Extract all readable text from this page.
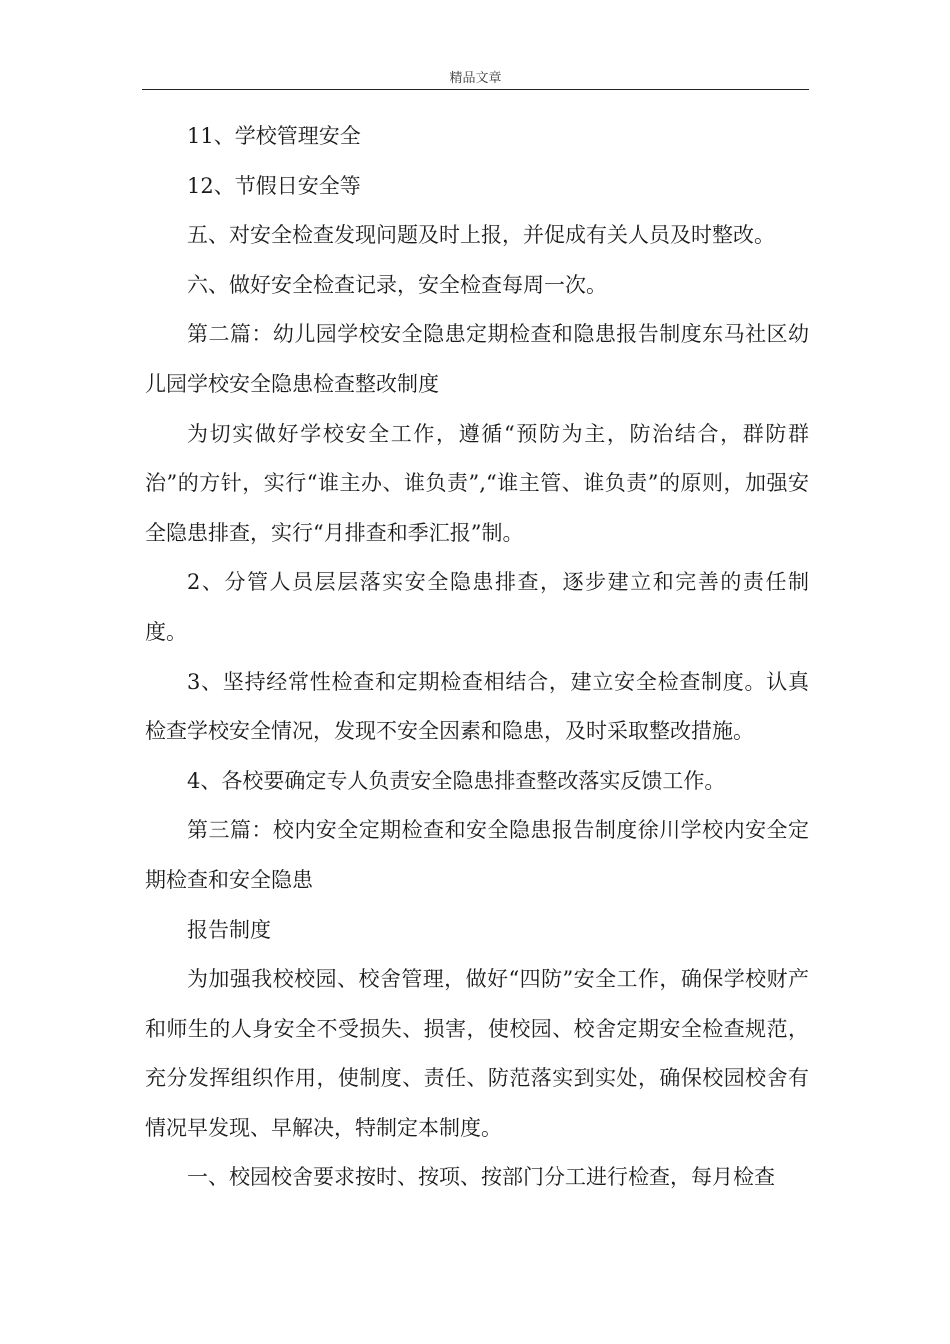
精品文章

11、学校管理安全

12、节假日安全等

五、对安全检查发现问题及时上报，并促成有关人员及时整改。

六、做好安全检查记录，安全检查每周一次。

第二篇：幼儿园学校安全隐患定期检查和隐患报告制度东马社区幼儿园学校安全隐患检查整改制度

为切实做好学校安全工作，遵循“预防为主，防治结合，群防群治”的方针，实行“谁主办、谁负责”,“谁主管、谁负责”的原则，加强安全隐患排查，实行“月排查和季汇报”制。

2、分管人员层层落实安全隐患排查，逐步建立和完善的责任制度。

3、坚持经常性检查和定期检查相结合，建立安全检查制度。认真检查学校安全情况，发现不安全因素和隐患，及时采取整改措施。

4、各校要确定专人负责安全隐患排查整改落实反馈工作。

第三篇：校内安全定期检查和安全隐患报告制度徐川学校内安全定期检查和安全隐患

报告制度

为加强我校校园、校舍管理，做好“四防”安全工作，确保学校财产和师生的人身安全不受损失、损害，使校园、校舍定期安全检查规范，充分发挥组织作用，使制度、责任、防范落实到实处，确保校园校舍有情况早发现、早解决，特制定本制度。

一、校园校舍要求按时、按项、按部门分工进行检查，每月检查
